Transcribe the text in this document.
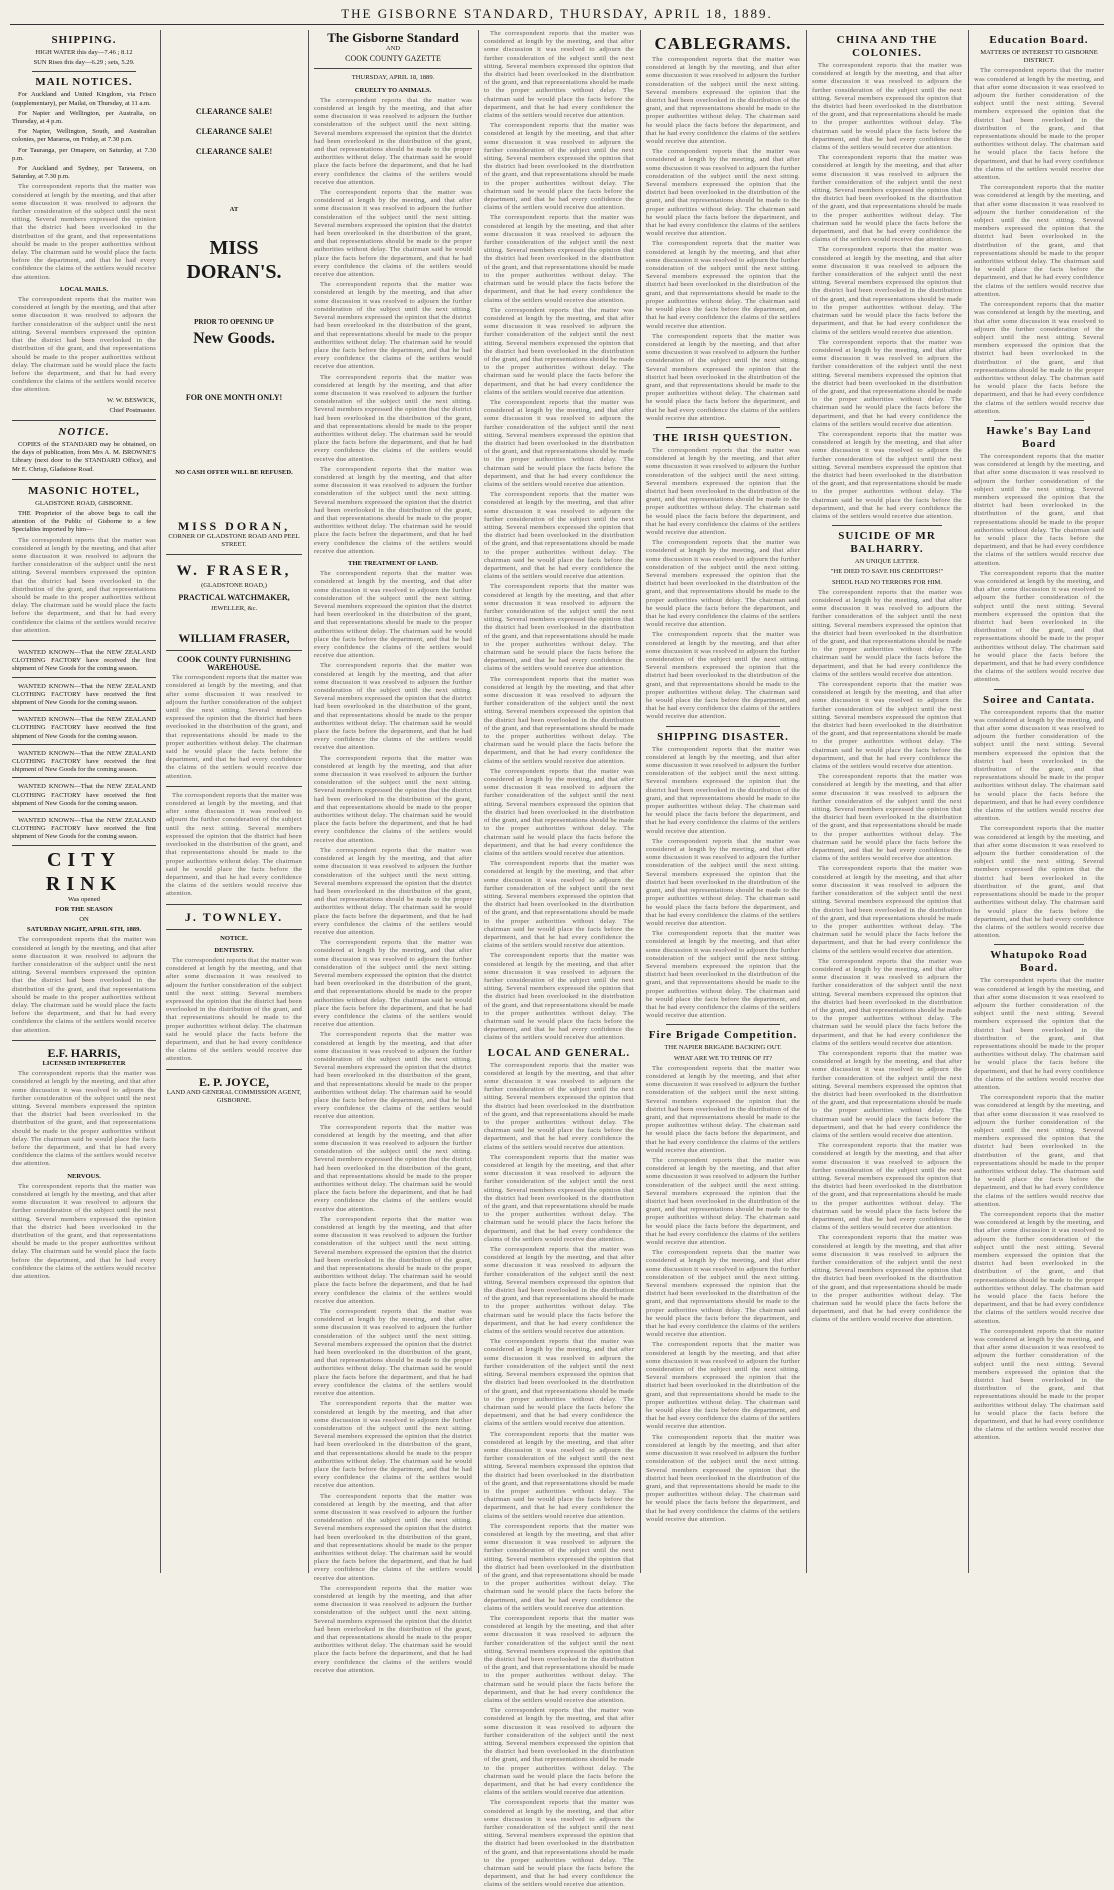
THE GISBORNE STANDARD, THURSDAY, APRIL 18, 1889.
SHIPPING.

HIGH WATER this day—7.46 ; 8.12

SUN Rises this day—6.29 ; sets, 5.29.

MAIL NOTICES.

For Auckland and United Kingdom, via Frisco (supplementary), per Mailai, on Thursday, at 11 a.m.

For Napier and Wellington, per Australia, on Thursday, at 4 p.m.

For Napier, Wellington, South, and Australian colonies, per Mararoa, on Friday, at 7.30 p.m.

For Tauranga, per Omapere, on Saturday, at 7.30 p.m.

For Auckland and Sydney, per Tarawera, on Saturday, at 7.30 p.m.

The correspondent reports that the matter was considered at length by the meeting, and that after some discussion it was resolved to adjourn the further consideration of the subject until the next sitting. Several members expressed the opinion that the district had been overlooked in the distribution of the grant, and that representations should be made to the proper authorities without delay. The chairman said he would place the facts before the department, and that he had every confidence the claims of the settlers would receive due attention.

LOCAL MAILS.

The correspondent reports that the matter was considered at length by the meeting, and that after some discussion it was resolved to adjourn the further consideration of the subject until the next sitting. Several members expressed the opinion that the district had been overlooked in the distribution of the grant, and that representations should be made to the proper authorities without delay. The chairman said he would place the facts before the department, and that he had every confidence the claims of the settlers would receive due attention.

W. W. BESWICK,

Chief Postmaster.

NOTICE.

COPIES of the STANDARD may be obtained, on the days of publication, from Mrs A. M. BROWNE'S Library (next door to the STANDARD Office), and Mr E. Chrisp, Gladstone Road.

MASONIC HOTEL,

GLADSTONE ROAD, GISBORNE.

THE Proprietor of the above begs to call the attention of the Public of Gisborne to a few Specialties imported by him—

The correspondent reports that the matter was considered at length by the meeting, and that after some discussion it was resolved to adjourn the further consideration of the subject until the next sitting. Several members expressed the opinion that the district had been overlooked in the distribution of the grant, and that representations should be made to the proper authorities without delay. The chairman said he would place the facts before the department, and that he had every confidence the claims of the settlers would receive due attention.

WANTED KNOWN—That the NEW ZEALAND CLOTHING FACTORY have received the first shipment of New Goods for the coming season.

WANTED KNOWN—That the NEW ZEALAND CLOTHING FACTORY have received the first shipment of New Goods for the coming season.

WANTED KNOWN—That the NEW ZEALAND CLOTHING FACTORY have received the first shipment of New Goods for the coming season.

WANTED KNOWN—That the NEW ZEALAND CLOTHING FACTORY have received the first shipment of New Goods for the coming season.

WANTED KNOWN—That the NEW ZEALAND CLOTHING FACTORY have received the first shipment of New Goods for the coming season.

WANTED KNOWN—That the NEW ZEALAND CLOTHING FACTORY have received the first shipment of New Goods for the coming season.

CITY RINK

Was opened

FOR THE SEASON

ON

SATURDAY NIGHT, APRIL 6TH, 1889.

The correspondent reports that the matter was considered at length by the meeting, and that after some discussion it was resolved to adjourn the further consideration of the subject until the next sitting. Several members expressed the opinion that the district had been overlooked in the distribution of the grant, and that representations should be made to the proper authorities without delay. The chairman said he would place the facts before the department, and that he had every confidence the claims of the settlers would receive due attention.

E.F. HARRIS,

LICENSED INTERPRETER

The correspondent reports that the matter was considered at length by the meeting, and that after some discussion it was resolved to adjourn the further consideration of the subject until the next sitting. Several members expressed the opinion that the district had been overlooked in the distribution of the grant, and that representations should be made to the proper authorities without delay. The chairman said he would place the facts before the department, and that he had every confidence the claims of the settlers would receive due attention.

NERVOUS.

The correspondent reports that the matter was considered at length by the meeting, and that after some discussion it was resolved to adjourn the further consideration of the subject until the next sitting. Several members expressed the opinion that the district had been overlooked in the distribution of the grant, and that representations should be made to the proper authorities without delay. The chairman said he would place the facts before the department, and that he had every confidence the claims of the settlers would receive due attention.

CLEARANCE SALE!
CLEARANCE SALE!
CLEARANCE SALE!
AT
MISS DORAN'S.
PRIOR TO OPENING UP
New Goods.
FOR ONE MONTH ONLY!
NO CASH OFFER WILL BE REFUSED.
MISS DORAN,

CORNER OF GLADSTONE ROAD AND PEEL STREET.

W. FRASER,

(GLADSTONE ROAD,)

PRACTICAL WATCHMAKER,

JEWELLER, &c.

WILLIAM FRASER,
COOK COUNTY FURNISHING WAREHOUSE.

The correspondent reports that the matter was considered at length by the meeting, and that after some discussion it was resolved to adjourn the further consideration of the subject until the next sitting. Several members expressed the opinion that the district had been overlooked in the distribution of the grant, and that representations should be made to the proper authorities without delay. The chairman said he would place the facts before the department, and that he had every confidence the claims of the settlers would receive due attention.

The correspondent reports that the matter was considered at length by the meeting, and that after some discussion it was resolved to adjourn the further consideration of the subject until the next sitting. Several members expressed the opinion that the district had been overlooked in the distribution of the grant, and that representations should be made to the proper authorities without delay. The chairman said he would place the facts before the department, and that he had every confidence the claims of the settlers would receive due attention.

J. TOWNLEY.
NOTICE.
DENTISTRY.

The correspondent reports that the matter was considered at length by the meeting, and that after some discussion it was resolved to adjourn the further consideration of the subject until the next sitting. Several members expressed the opinion that the district had been overlooked in the distribution of the grant, and that representations should be made to the proper authorities without delay. The chairman said he would place the facts before the department, and that he had every confidence the claims of the settlers would receive due attention.

E. P. JOYCE,

LAND AND GENERAL COMMISSION AGENT, GISBORNE.

The Gisborne Standard

AND

COOK COUNTY GAZETTE

THURSDAY, APRIL 18, 1889.

CRUELTY TO ANIMALS.

The correspondent reports that the matter was considered at length by the meeting, and that after some discussion it was resolved to adjourn the further consideration of the subject until the next sitting. Several members expressed the opinion that the district had been overlooked in the distribution of the grant, and that representations should be made to the proper authorities without delay. The chairman said he would place the facts before the department, and that he had every confidence the claims of the settlers would receive due attention.

The correspondent reports that the matter was considered at length by the meeting, and that after some discussion it was resolved to adjourn the further consideration of the subject until the next sitting. Several members expressed the opinion that the district had been overlooked in the distribution of the grant, and that representations should be made to the proper authorities without delay. The chairman said he would place the facts before the department, and that he had every confidence the claims of the settlers would receive due attention.

The correspondent reports that the matter was considered at length by the meeting, and that after some discussion it was resolved to adjourn the further consideration of the subject until the next sitting. Several members expressed the opinion that the district had been overlooked in the distribution of the grant, and that representations should be made to the proper authorities without delay. The chairman said he would place the facts before the department, and that he had every confidence the claims of the settlers would receive due attention.

The correspondent reports that the matter was considered at length by the meeting, and that after some discussion it was resolved to adjourn the further consideration of the subject until the next sitting. Several members expressed the opinion that the district had been overlooked in the distribution of the grant, and that representations should be made to the proper authorities without delay. The chairman said he would place the facts before the department, and that he had every confidence the claims of the settlers would receive due attention.

The correspondent reports that the matter was considered at length by the meeting, and that after some discussion it was resolved to adjourn the further consideration of the subject until the next sitting. Several members expressed the opinion that the district had been overlooked in the distribution of the grant, and that representations should be made to the proper authorities without delay. The chairman said he would place the facts before the department, and that he had every confidence the claims of the settlers would receive due attention.

THE TREATMENT OF LAND.

The correspondent reports that the matter was considered at length by the meeting, and that after some discussion it was resolved to adjourn the further consideration of the subject until the next sitting. Several members expressed the opinion that the district had been overlooked in the distribution of the grant, and that representations should be made to the proper authorities without delay. The chairman said he would place the facts before the department, and that he had every confidence the claims of the settlers would receive due attention.

The correspondent reports that the matter was considered at length by the meeting, and that after some discussion it was resolved to adjourn the further consideration of the subject until the next sitting. Several members expressed the opinion that the district had been overlooked in the distribution of the grant, and that representations should be made to the proper authorities without delay. The chairman said he would place the facts before the department, and that he had every confidence the claims of the settlers would receive due attention.

The correspondent reports that the matter was considered at length by the meeting, and that after some discussion it was resolved to adjourn the further consideration of the subject until the next sitting. Several members expressed the opinion that the district had been overlooked in the distribution of the grant, and that representations should be made to the proper authorities without delay. The chairman said he would place the facts before the department, and that he had every confidence the claims of the settlers would receive due attention.

The correspondent reports that the matter was considered at length by the meeting, and that after some discussion it was resolved to adjourn the further consideration of the subject until the next sitting. Several members expressed the opinion that the district had been overlooked in the distribution of the grant, and that representations should be made to the proper authorities without delay. The chairman said he would place the facts before the department, and that he had every confidence the claims of the settlers would receive due attention.

The correspondent reports that the matter was considered at length by the meeting, and that after some discussion it was resolved to adjourn the further consideration of the subject until the next sitting. Several members expressed the opinion that the district had been overlooked in the distribution of the grant, and that representations should be made to the proper authorities without delay. The chairman said he would place the facts before the department, and that he had every confidence the claims of the settlers would receive due attention.

The correspondent reports that the matter was considered at length by the meeting, and that after some discussion it was resolved to adjourn the further consideration of the subject until the next sitting. Several members expressed the opinion that the district had been overlooked in the distribution of the grant, and that representations should be made to the proper authorities without delay. The chairman said he would place the facts before the department, and that he had every confidence the claims of the settlers would receive due attention.

The correspondent reports that the matter was considered at length by the meeting, and that after some discussion it was resolved to adjourn the further consideration of the subject until the next sitting. Several members expressed the opinion that the district had been overlooked in the distribution of the grant, and that representations should be made to the proper authorities without delay. The chairman said he would place the facts before the department, and that he had every confidence the claims of the settlers would receive due attention.

The correspondent reports that the matter was considered at length by the meeting, and that after some discussion it was resolved to adjourn the further consideration of the subject until the next sitting. Several members expressed the opinion that the district had been overlooked in the distribution of the grant, and that representations should be made to the proper authorities without delay. The chairman said he would place the facts before the department, and that he had every confidence the claims of the settlers would receive due attention.

The correspondent reports that the matter was considered at length by the meeting, and that after some discussion it was resolved to adjourn the further consideration of the subject until the next sitting. Several members expressed the opinion that the district had been overlooked in the distribution of the grant, and that representations should be made to the proper authorities without delay. The chairman said he would place the facts before the department, and that he had every confidence the claims of the settlers would receive due attention.

The correspondent reports that the matter was considered at length by the meeting, and that after some discussion it was resolved to adjourn the further consideration of the subject until the next sitting. Several members expressed the opinion that the district had been overlooked in the distribution of the grant, and that representations should be made to the proper authorities without delay. The chairman said he would place the facts before the department, and that he had every confidence the claims of the settlers would receive due attention.

The correspondent reports that the matter was considered at length by the meeting, and that after some discussion it was resolved to adjourn the further consideration of the subject until the next sitting. Several members expressed the opinion that the district had been overlooked in the distribution of the grant, and that representations should be made to the proper authorities without delay. The chairman said he would place the facts before the department, and that he had every confidence the claims of the settlers would receive due attention.

The correspondent reports that the matter was considered at length by the meeting, and that after some discussion it was resolved to adjourn the further consideration of the subject until the next sitting. Several members expressed the opinion that the district had been overlooked in the distribution of the grant, and that representations should be made to the proper authorities without delay. The chairman said he would place the facts before the department, and that he had every confidence the claims of the settlers would receive due attention.

The correspondent reports that the matter was considered at length by the meeting, and that after some discussion it was resolved to adjourn the further consideration of the subject until the next sitting. Several members expressed the opinion that the district had been overlooked in the distribution of the grant, and that representations should be made to the proper authorities without delay. The chairman said he would place the facts before the department, and that he had every confidence the claims of the settlers would receive due attention.

The correspondent reports that the matter was considered at length by the meeting, and that after some discussion it was resolved to adjourn the further consideration of the subject until the next sitting. Several members expressed the opinion that the district had been overlooked in the distribution of the grant, and that representations should be made to the proper authorities without delay. The chairman said he would place the facts before the department, and that he had every confidence the claims of the settlers would receive due attention.

The correspondent reports that the matter was considered at length by the meeting, and that after some discussion it was resolved to adjourn the further consideration of the subject until the next sitting. Several members expressed the opinion that the district had been overlooked in the distribution of the grant, and that representations should be made to the proper authorities without delay. The chairman said he would place the facts before the department, and that he had every confidence the claims of the settlers would receive due attention.

The correspondent reports that the matter was considered at length by the meeting, and that after some discussion it was resolved to adjourn the further consideration of the subject until the next sitting. Several members expressed the opinion that the district had been overlooked in the distribution of the grant, and that representations should be made to the proper authorities without delay. The chairman said he would place the facts before the department, and that he had every confidence the claims of the settlers would receive due attention.

The correspondent reports that the matter was considered at length by the meeting, and that after some discussion it was resolved to adjourn the further consideration of the subject until the next sitting. Several members expressed the opinion that the district had been overlooked in the distribution of the grant, and that representations should be made to the proper authorities without delay. The chairman said he would place the facts before the department, and that he had every confidence the claims of the settlers would receive due attention.

The correspondent reports that the matter was considered at length by the meeting, and that after some discussion it was resolved to adjourn the further consideration of the subject until the next sitting. Several members expressed the opinion that the district had been overlooked in the distribution of the grant, and that representations should be made to the proper authorities without delay. The chairman said he would place the facts before the department, and that he had every confidence the claims of the settlers would receive due attention.

The correspondent reports that the matter was considered at length by the meeting, and that after some discussion it was resolved to adjourn the further consideration of the subject until the next sitting. Several members expressed the opinion that the district had been overlooked in the distribution of the grant, and that representations should be made to the proper authorities without delay. The chairman said he would place the facts before the department, and that he had every confidence the claims of the settlers would receive due attention.

The correspondent reports that the matter was considered at length by the meeting, and that after some discussion it was resolved to adjourn the further consideration of the subject until the next sitting. Several members expressed the opinion that the district had been overlooked in the distribution of the grant, and that representations should be made to the proper authorities without delay. The chairman said he would place the facts before the department, and that he had every confidence the claims of the settlers would receive due attention.

The correspondent reports that the matter was considered at length by the meeting, and that after some discussion it was resolved to adjourn the further consideration of the subject until the next sitting. Several members expressed the opinion that the district had been overlooked in the distribution of the grant, and that representations should be made to the proper authorities without delay. The chairman said he would place the facts before the department, and that he had every confidence the claims of the settlers would receive due attention.

The correspondent reports that the matter was considered at length by the meeting, and that after some discussion it was resolved to adjourn the further consideration of the subject until the next sitting. Several members expressed the opinion that the district had been overlooked in the distribution of the grant, and that representations should be made to the proper authorities without delay. The chairman said he would place the facts before the department, and that he had every confidence the claims of the settlers would receive due attention.

The correspondent reports that the matter was considered at length by the meeting, and that after some discussion it was resolved to adjourn the further consideration of the subject until the next sitting. Several members expressed the opinion that the district had been overlooked in the distribution of the grant, and that representations should be made to the proper authorities without delay. The chairman said he would place the facts before the department, and that he had every confidence the claims of the settlers would receive due attention.

LOCAL AND GENERAL.

The correspondent reports that the matter was considered at length by the meeting, and that after some discussion it was resolved to adjourn the further consideration of the subject until the next sitting. Several members expressed the opinion that the district had been overlooked in the distribution of the grant, and that representations should be made to the proper authorities without delay. The chairman said he would place the facts before the department, and that he had every confidence the claims of the settlers would receive due attention.

The correspondent reports that the matter was considered at length by the meeting, and that after some discussion it was resolved to adjourn the further consideration of the subject until the next sitting. Several members expressed the opinion that the district had been overlooked in the distribution of the grant, and that representations should be made to the proper authorities without delay. The chairman said he would place the facts before the department, and that he had every confidence the claims of the settlers would receive due attention.

The correspondent reports that the matter was considered at length by the meeting, and that after some discussion it was resolved to adjourn the further consideration of the subject until the next sitting. Several members expressed the opinion that the district had been overlooked in the distribution of the grant, and that representations should be made to the proper authorities without delay. The chairman said he would place the facts before the department, and that he had every confidence the claims of the settlers would receive due attention.

The correspondent reports that the matter was considered at length by the meeting, and that after some discussion it was resolved to adjourn the further consideration of the subject until the next sitting. Several members expressed the opinion that the district had been overlooked in the distribution of the grant, and that representations should be made to the proper authorities without delay. The chairman said he would place the facts before the department, and that he had every confidence the claims of the settlers would receive due attention.

The correspondent reports that the matter was considered at length by the meeting, and that after some discussion it was resolved to adjourn the further consideration of the subject until the next sitting. Several members expressed the opinion that the district had been overlooked in the distribution of the grant, and that representations should be made to the proper authorities without delay. The chairman said he would place the facts before the department, and that he had every confidence the claims of the settlers would receive due attention.

The correspondent reports that the matter was considered at length by the meeting, and that after some discussion it was resolved to adjourn the further consideration of the subject until the next sitting. Several members expressed the opinion that the district had been overlooked in the distribution of the grant, and that representations should be made to the proper authorities without delay. The chairman said he would place the facts before the department, and that he had every confidence the claims of the settlers would receive due attention.

The correspondent reports that the matter was considered at length by the meeting, and that after some discussion it was resolved to adjourn the further consideration of the subject until the next sitting. Several members expressed the opinion that the district had been overlooked in the distribution of the grant, and that representations should be made to the proper authorities without delay. The chairman said he would place the facts before the department, and that he had every confidence the claims of the settlers would receive due attention.

The correspondent reports that the matter was considered at length by the meeting, and that after some discussion it was resolved to adjourn the further consideration of the subject until the next sitting. Several members expressed the opinion that the district had been overlooked in the distribution of the grant, and that representations should be made to the proper authorities without delay. The chairman said he would place the facts before the department, and that he had every confidence the claims of the settlers would receive due attention.

The correspondent reports that the matter was considered at length by the meeting, and that after some discussion it was resolved to adjourn the further consideration of the subject until the next sitting. Several members expressed the opinion that the district had been overlooked in the distribution of the grant, and that representations should be made to the proper authorities without delay. The chairman said he would place the facts before the department, and that he had every confidence the claims of the settlers would receive due attention.

CABLEGRAMS.

The correspondent reports that the matter was considered at length by the meeting, and that after some discussion it was resolved to adjourn the further consideration of the subject until the next sitting. Several members expressed the opinion that the district had been overlooked in the distribution of the grant, and that representations should be made to the proper authorities without delay. The chairman said he would place the facts before the department, and that he had every confidence the claims of the settlers would receive due attention.

The correspondent reports that the matter was considered at length by the meeting, and that after some discussion it was resolved to adjourn the further consideration of the subject until the next sitting. Several members expressed the opinion that the district had been overlooked in the distribution of the grant, and that representations should be made to the proper authorities without delay. The chairman said he would place the facts before the department, and that he had every confidence the claims of the settlers would receive due attention.

The correspondent reports that the matter was considered at length by the meeting, and that after some discussion it was resolved to adjourn the further consideration of the subject until the next sitting. Several members expressed the opinion that the district had been overlooked in the distribution of the grant, and that representations should be made to the proper authorities without delay. The chairman said he would place the facts before the department, and that he had every confidence the claims of the settlers would receive due attention.

The correspondent reports that the matter was considered at length by the meeting, and that after some discussion it was resolved to adjourn the further consideration of the subject until the next sitting. Several members expressed the opinion that the district had been overlooked in the distribution of the grant, and that representations should be made to the proper authorities without delay. The chairman said he would place the facts before the department, and that he had every confidence the claims of the settlers would receive due attention.

THE IRISH QUESTION.

The correspondent reports that the matter was considered at length by the meeting, and that after some discussion it was resolved to adjourn the further consideration of the subject until the next sitting. Several members expressed the opinion that the district had been overlooked in the distribution of the grant, and that representations should be made to the proper authorities without delay. The chairman said he would place the facts before the department, and that he had every confidence the claims of the settlers would receive due attention.

The correspondent reports that the matter was considered at length by the meeting, and that after some discussion it was resolved to adjourn the further consideration of the subject until the next sitting. Several members expressed the opinion that the district had been overlooked in the distribution of the grant, and that representations should be made to the proper authorities without delay. The chairman said he would place the facts before the department, and that he had every confidence the claims of the settlers would receive due attention.

The correspondent reports that the matter was considered at length by the meeting, and that after some discussion it was resolved to adjourn the further consideration of the subject until the next sitting. Several members expressed the opinion that the district had been overlooked in the distribution of the grant, and that representations should be made to the proper authorities without delay. The chairman said he would place the facts before the department, and that he had every confidence the claims of the settlers would receive due attention.

SHIPPING DISASTER.

The correspondent reports that the matter was considered at length by the meeting, and that after some discussion it was resolved to adjourn the further consideration of the subject until the next sitting. Several members expressed the opinion that the district had been overlooked in the distribution of the grant, and that representations should be made to the proper authorities without delay. The chairman said he would place the facts before the department, and that he had every confidence the claims of the settlers would receive due attention.

The correspondent reports that the matter was considered at length by the meeting, and that after some discussion it was resolved to adjourn the further consideration of the subject until the next sitting. Several members expressed the opinion that the district had been overlooked in the distribution of the grant, and that representations should be made to the proper authorities without delay. The chairman said he would place the facts before the department, and that he had every confidence the claims of the settlers would receive due attention.

The correspondent reports that the matter was considered at length by the meeting, and that after some discussion it was resolved to adjourn the further consideration of the subject until the next sitting. Several members expressed the opinion that the district had been overlooked in the distribution of the grant, and that representations should be made to the proper authorities without delay. The chairman said he would place the facts before the department, and that he had every confidence the claims of the settlers would receive due attention.

Fire Brigade Competition.

THE NAPIER BRIGADE BACKING OUT.

WHAT ARE WE TO THINK OF IT?

The correspondent reports that the matter was considered at length by the meeting, and that after some discussion it was resolved to adjourn the further consideration of the subject until the next sitting. Several members expressed the opinion that the district had been overlooked in the distribution of the grant, and that representations should be made to the proper authorities without delay. The chairman said he would place the facts before the department, and that he had every confidence the claims of the settlers would receive due attention.

The correspondent reports that the matter was considered at length by the meeting, and that after some discussion it was resolved to adjourn the further consideration of the subject until the next sitting. Several members expressed the opinion that the district had been overlooked in the distribution of the grant, and that representations should be made to the proper authorities without delay. The chairman said he would place the facts before the department, and that he had every confidence the claims of the settlers would receive due attention.

The correspondent reports that the matter was considered at length by the meeting, and that after some discussion it was resolved to adjourn the further consideration of the subject until the next sitting. Several members expressed the opinion that the district had been overlooked in the distribution of the grant, and that representations should be made to the proper authorities without delay. The chairman said he would place the facts before the department, and that he had every confidence the claims of the settlers would receive due attention.

The correspondent reports that the matter was considered at length by the meeting, and that after some discussion it was resolved to adjourn the further consideration of the subject until the next sitting. Several members expressed the opinion that the district had been overlooked in the distribution of the grant, and that representations should be made to the proper authorities without delay. The chairman said he would place the facts before the department, and that he had every confidence the claims of the settlers would receive due attention.

The correspondent reports that the matter was considered at length by the meeting, and that after some discussion it was resolved to adjourn the further consideration of the subject until the next sitting. Several members expressed the opinion that the district had been overlooked in the distribution of the grant, and that representations should be made to the proper authorities without delay. The chairman said he would place the facts before the department, and that he had every confidence the claims of the settlers would receive due attention.

CHINA AND THE COLONIES.

The correspondent reports that the matter was considered at length by the meeting, and that after some discussion it was resolved to adjourn the further consideration of the subject until the next sitting. Several members expressed the opinion that the district had been overlooked in the distribution of the grant, and that representations should be made to the proper authorities without delay. The chairman said he would place the facts before the department, and that he had every confidence the claims of the settlers would receive due attention.

The correspondent reports that the matter was considered at length by the meeting, and that after some discussion it was resolved to adjourn the further consideration of the subject until the next sitting. Several members expressed the opinion that the district had been overlooked in the distribution of the grant, and that representations should be made to the proper authorities without delay. The chairman said he would place the facts before the department, and that he had every confidence the claims of the settlers would receive due attention.

The correspondent reports that the matter was considered at length by the meeting, and that after some discussion it was resolved to adjourn the further consideration of the subject until the next sitting. Several members expressed the opinion that the district had been overlooked in the distribution of the grant, and that representations should be made to the proper authorities without delay. The chairman said he would place the facts before the department, and that he had every confidence the claims of the settlers would receive due attention.

The correspondent reports that the matter was considered at length by the meeting, and that after some discussion it was resolved to adjourn the further consideration of the subject until the next sitting. Several members expressed the opinion that the district had been overlooked in the distribution of the grant, and that representations should be made to the proper authorities without delay. The chairman said he would place the facts before the department, and that he had every confidence the claims of the settlers would receive due attention.

The correspondent reports that the matter was considered at length by the meeting, and that after some discussion it was resolved to adjourn the further consideration of the subject until the next sitting. Several members expressed the opinion that the district had been overlooked in the distribution of the grant, and that representations should be made to the proper authorities without delay. The chairman said he would place the facts before the department, and that he had every confidence the claims of the settlers would receive due attention.

SUICIDE OF MR BALHARRY.

AN UNIQUE LETTER.

"HE DIED TO SAVE HIS CREDITORS!"

SHEOL HAD NO TERRORS FOR HIM.

The correspondent reports that the matter was considered at length by the meeting, and that after some discussion it was resolved to adjourn the further consideration of the subject until the next sitting. Several members expressed the opinion that the district had been overlooked in the distribution of the grant, and that representations should be made to the proper authorities without delay. The chairman said he would place the facts before the department, and that he had every confidence the claims of the settlers would receive due attention.

The correspondent reports that the matter was considered at length by the meeting, and that after some discussion it was resolved to adjourn the further consideration of the subject until the next sitting. Several members expressed the opinion that the district had been overlooked in the distribution of the grant, and that representations should be made to the proper authorities without delay. The chairman said he would place the facts before the department, and that he had every confidence the claims of the settlers would receive due attention.

The correspondent reports that the matter was considered at length by the meeting, and that after some discussion it was resolved to adjourn the further consideration of the subject until the next sitting. Several members expressed the opinion that the district had been overlooked in the distribution of the grant, and that representations should be made to the proper authorities without delay. The chairman said he would place the facts before the department, and that he had every confidence the claims of the settlers would receive due attention.

The correspondent reports that the matter was considered at length by the meeting, and that after some discussion it was resolved to adjourn the further consideration of the subject until the next sitting. Several members expressed the opinion that the district had been overlooked in the distribution of the grant, and that representations should be made to the proper authorities without delay. The chairman said he would place the facts before the department, and that he had every confidence the claims of the settlers would receive due attention.

The correspondent reports that the matter was considered at length by the meeting, and that after some discussion it was resolved to adjourn the further consideration of the subject until the next sitting. Several members expressed the opinion that the district had been overlooked in the distribution of the grant, and that representations should be made to the proper authorities without delay. The chairman said he would place the facts before the department, and that he had every confidence the claims of the settlers would receive due attention.

The correspondent reports that the matter was considered at length by the meeting, and that after some discussion it was resolved to adjourn the further consideration of the subject until the next sitting. Several members expressed the opinion that the district had been overlooked in the distribution of the grant, and that representations should be made to the proper authorities without delay. The chairman said he would place the facts before the department, and that he had every confidence the claims of the settlers would receive due attention.

The correspondent reports that the matter was considered at length by the meeting, and that after some discussion it was resolved to adjourn the further consideration of the subject until the next sitting. Several members expressed the opinion that the district had been overlooked in the distribution of the grant, and that representations should be made to the proper authorities without delay. The chairman said he would place the facts before the department, and that he had every confidence the claims of the settlers would receive due attention.

The correspondent reports that the matter was considered at length by the meeting, and that after some discussion it was resolved to adjourn the further consideration of the subject until the next sitting. Several members expressed the opinion that the district had been overlooked in the distribution of the grant, and that representations should be made to the proper authorities without delay. The chairman said he would place the facts before the department, and that he had every confidence the claims of the settlers would receive due attention.

Education Board.

MATTERS OF INTEREST TO GISBORNE DISTRICT.

The correspondent reports that the matter was considered at length by the meeting, and that after some discussion it was resolved to adjourn the further consideration of the subject until the next sitting. Several members expressed the opinion that the district had been overlooked in the distribution of the grant, and that representations should be made to the proper authorities without delay. The chairman said he would place the facts before the department, and that he had every confidence the claims of the settlers would receive due attention.

The correspondent reports that the matter was considered at length by the meeting, and that after some discussion it was resolved to adjourn the further consideration of the subject until the next sitting. Several members expressed the opinion that the district had been overlooked in the distribution of the grant, and that representations should be made to the proper authorities without delay. The chairman said he would place the facts before the department, and that he had every confidence the claims of the settlers would receive due attention.

The correspondent reports that the matter was considered at length by the meeting, and that after some discussion it was resolved to adjourn the further consideration of the subject until the next sitting. Several members expressed the opinion that the district had been overlooked in the distribution of the grant, and that representations should be made to the proper authorities without delay. The chairman said he would place the facts before the department, and that he had every confidence the claims of the settlers would receive due attention.

Hawke's Bay Land Board

The correspondent reports that the matter was considered at length by the meeting, and that after some discussion it was resolved to adjourn the further consideration of the subject until the next sitting. Several members expressed the opinion that the district had been overlooked in the distribution of the grant, and that representations should be made to the proper authorities without delay. The chairman said he would place the facts before the department, and that he had every confidence the claims of the settlers would receive due attention.

The correspondent reports that the matter was considered at length by the meeting, and that after some discussion it was resolved to adjourn the further consideration of the subject until the next sitting. Several members expressed the opinion that the district had been overlooked in the distribution of the grant, and that representations should be made to the proper authorities without delay. The chairman said he would place the facts before the department, and that he had every confidence the claims of the settlers would receive due attention.

Soiree and Cantata.

The correspondent reports that the matter was considered at length by the meeting, and that after some discussion it was resolved to adjourn the further consideration of the subject until the next sitting. Several members expressed the opinion that the district had been overlooked in the distribution of the grant, and that representations should be made to the proper authorities without delay. The chairman said he would place the facts before the department, and that he had every confidence the claims of the settlers would receive due attention.

The correspondent reports that the matter was considered at length by the meeting, and that after some discussion it was resolved to adjourn the further consideration of the subject until the next sitting. Several members expressed the opinion that the district had been overlooked in the distribution of the grant, and that representations should be made to the proper authorities without delay. The chairman said he would place the facts before the department, and that he had every confidence the claims of the settlers would receive due attention.

Whatupoko Road Board.

The correspondent reports that the matter was considered at length by the meeting, and that after some discussion it was resolved to adjourn the further consideration of the subject until the next sitting. Several members expressed the opinion that the district had been overlooked in the distribution of the grant, and that representations should be made to the proper authorities without delay. The chairman said he would place the facts before the department, and that he had every confidence the claims of the settlers would receive due attention.

The correspondent reports that the matter was considered at length by the meeting, and that after some discussion it was resolved to adjourn the further consideration of the subject until the next sitting. Several members expressed the opinion that the district had been overlooked in the distribution of the grant, and that representations should be made to the proper authorities without delay. The chairman said he would place the facts before the department, and that he had every confidence the claims of the settlers would receive due attention.

The correspondent reports that the matter was considered at length by the meeting, and that after some discussion it was resolved to adjourn the further consideration of the subject until the next sitting. Several members expressed the opinion that the district had been overlooked in the distribution of the grant, and that representations should be made to the proper authorities without delay. The chairman said he would place the facts before the department, and that he had every confidence the claims of the settlers would receive due attention.

The correspondent reports that the matter was considered at length by the meeting, and that after some discussion it was resolved to adjourn the further consideration of the subject until the next sitting. Several members expressed the opinion that the district had been overlooked in the distribution of the grant, and that representations should be made to the proper authorities without delay. The chairman said he would place the facts before the department, and that he had every confidence the claims of the settlers would receive due attention.
